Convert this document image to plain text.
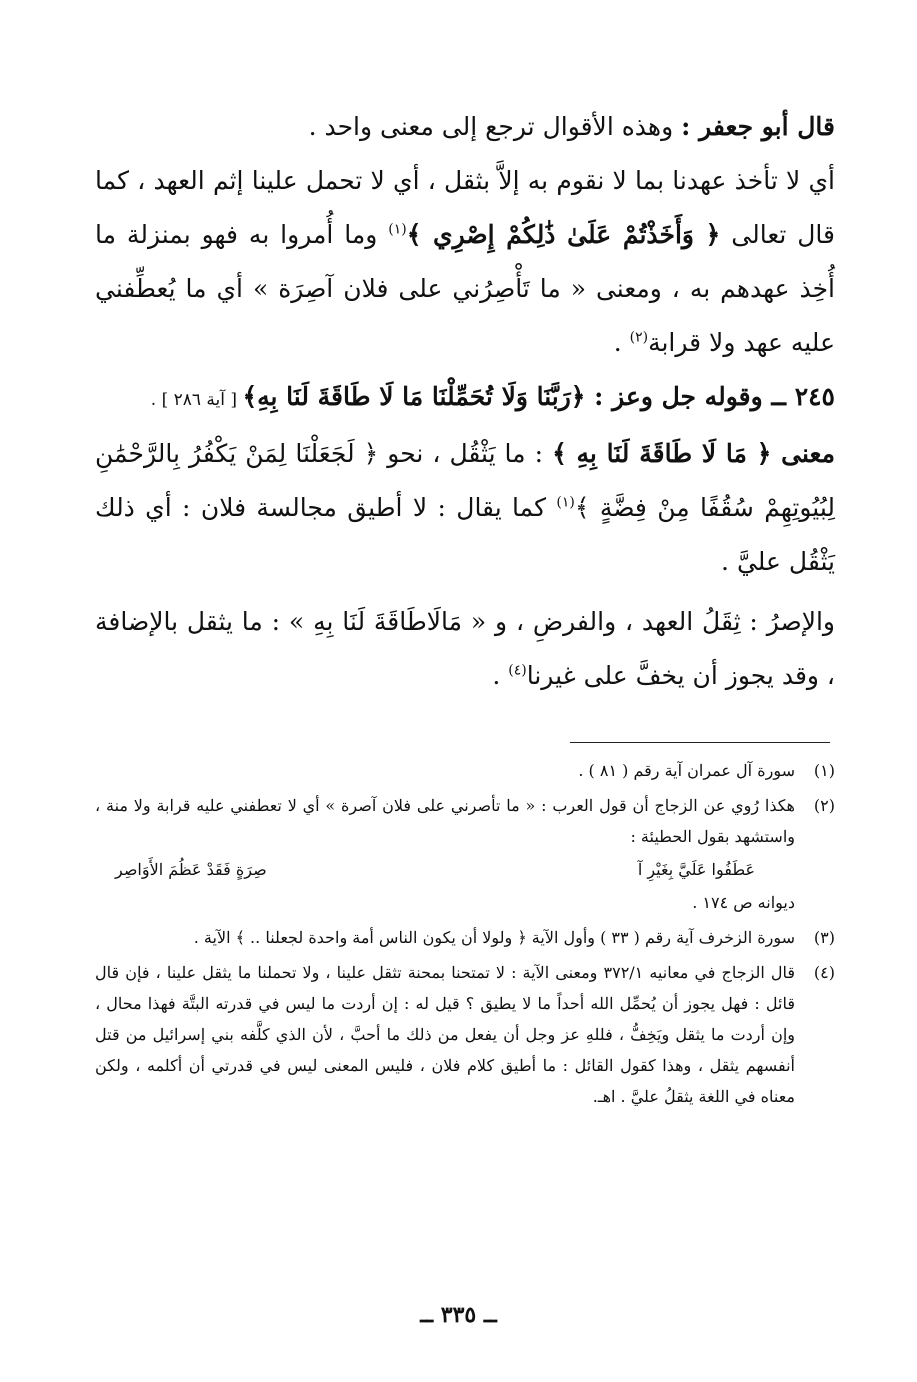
قال أبو جعفر : وهذه الأقوال ترجع إلى معنى واحد .

أي لا تأخذ عهدنا بما لا نقوم به إلاَّ بثقل ، أي لا تحمل علينا إثم العهد ، كما قال تعالى ﴿ وَأَخَذْتُمْ عَلَىٰ ذَٰلِكُمْ إِصْرِي ﴾$^{(١)}$ وما أُمروا به فهو بمنزلة ما أُخِذ عهدهم به ، ومعنى « ما تَأْصِرُني على فلان آصِرَة » أي ما يُعطِّفني عليه عهد ولا قرابة$^{(٢)}$ .

٢٤٥ ــ وقوله جل وعز : ﴿رَبَّنَا وَلَا تُحَمِّلْنَا مَا لَا طَاقَةَ لَنَا بِهِ﴾ [ آية ٢٨٦ ] .

معنى ﴿ مَا لَا طَاقَةَ لَنَا بِهِ ﴾ : ما يَثْقُل ، نحو ﴿ لَجَعَلْنَا لِمَنْ يَكْفُرُ بِالرَّحْمَٰنِ لِبُيُوتِهِمْ سُقُفًا مِنْ فِضَّةٍ ﴾$^{(١)}$ كما يقال : لا أطيق مجالسة فلان : أي ذلك يَثْقُل عليَّ .

والإصرُ : ثِقَلُ العهد ، والفرضِ ، و « مَالَاطَاقَةَ لَنَا بِهِ » : ما يثقل بالإضافة ، وقد يجوز أن يخفَّ على غيرنا$^{(٤)}$ .

(١)
سورة آل عمران آية رقم ( ٨١ ) .
(٢)
هكذا رُوي عن الزجاج أن قول العرب : « ما تأصرني على فلان آصرة » أي لا تعطفني عليه قرابة ولا منة ، واستشهد بقول الحطيئة :
عَطَفُوا عَلَيَّ بِغَيْرِ آ
صِرَةٍ فَقَدْ عَظُمَ الأَوَاصِر
ديوانه ص ١٧٤ .
(٣)
سورة الزخرف آية رقم ( ٣٣ ) وأول الآية ﴿ ولولا أن يكون الناس أمة واحدة لجعلنا .. ﴾ الآية .
(٤)
قال الزجاج في معانيه ٣٧٢/١ ومعنى الآية : لا تمتحنا بمحنة تثقل علينا ، ولا تحملنا ما يثقل علينا ، فإن قال قائل : فهل يجوز أن يُحمِّل الله أحداً ما لا يطيق ؟ قيل له : إن أردت ما ليس في قدرته البتَّة فهذا محال ، وإن أردت ما يثقل ويَخِفُّ ، فللهِ عز وجل أن يفعل من ذلك ما أحبَّ ، لأن الذي كلَّفه بني إسرائيل من قتل أنفسهم يثقل ، وهذا كقول القائل : ما أطيق كلام فلان ، فليس المعنى ليس في قدرتي أن أكلمه ، ولكن معناه في اللغة يثقلُ عليَّ . اهـ.
ــ ٣٣٥ ــ
